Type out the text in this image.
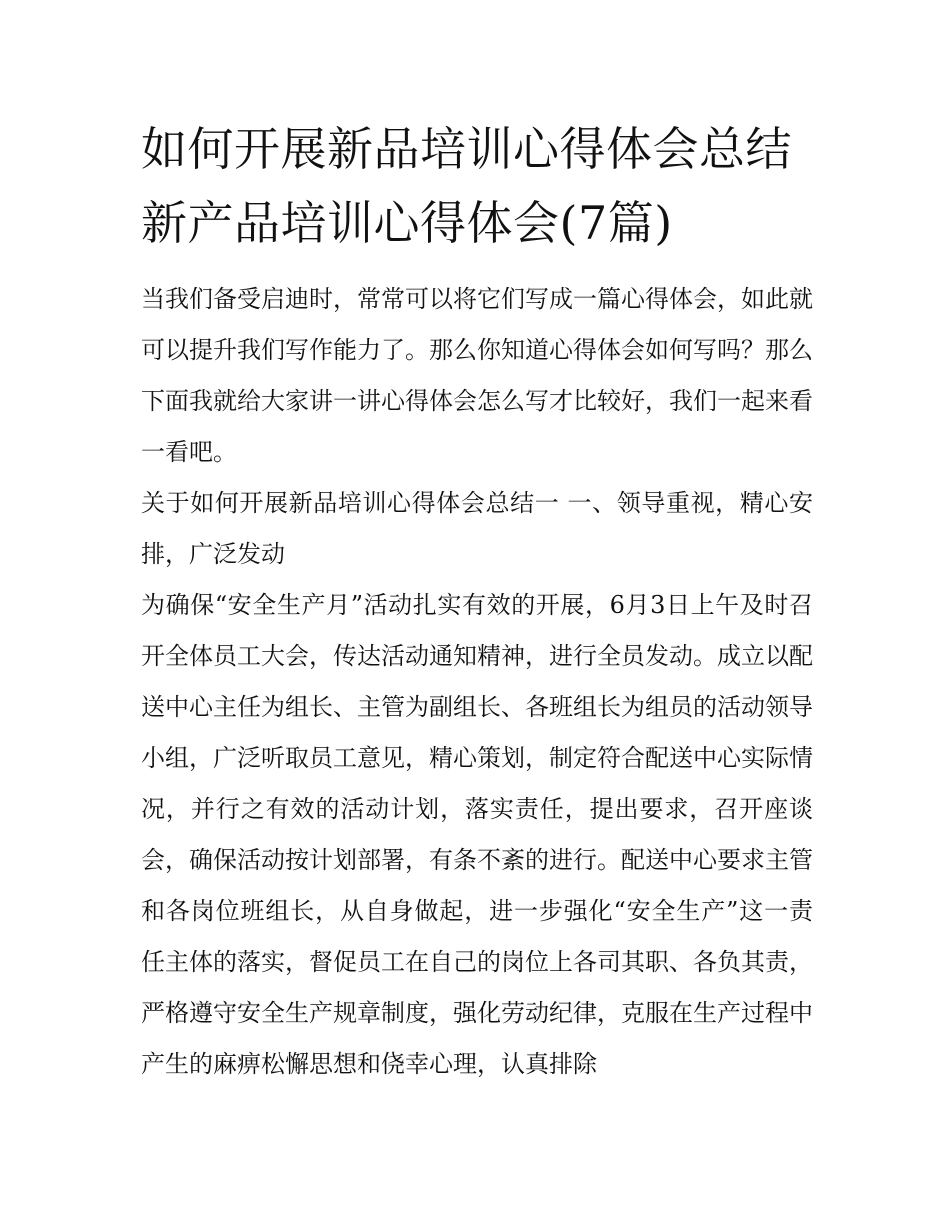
如何开展新品培训心得体会总结 新产品培训心得体会(7篇)

当我们备受启迪时，常常可以将它们写成一篇心得体会，如此就可以提升我们写作能力了。那么你知道心得体会如何写吗？那么下面我就给大家讲一讲心得体会怎么写才比较好，我们一起来看一看吧。

关于如何开展新品培训心得体会总结一 一、领导重视，精心安排，广泛发动

为确保“安全生产月”活动扎实有效的开展，6月3日上午及时召开全体员工大会，传达活动通知精神，进行全员发动。成立以配送中心主任为组长、主管为副组长、各班组长为组员的活动领导小组，广泛听取员工意见，精心策划，制定符合配送中心实际情况，并行之有效的活动计划，落实责任，提出要求，召开座谈会，确保活动按计划部署，有条不紊的进行。配送中心要求主管和各岗位班组长，从自身做起，进一步强化“安全生产”这一责任主体的落实，督促员工在自己的岗位上各司其职、各负其责，严格遵守安全生产规章制度，强化劳动纪律，克服在生产过程中产生的麻痹松懈思想和侥幸心理，认真排除
